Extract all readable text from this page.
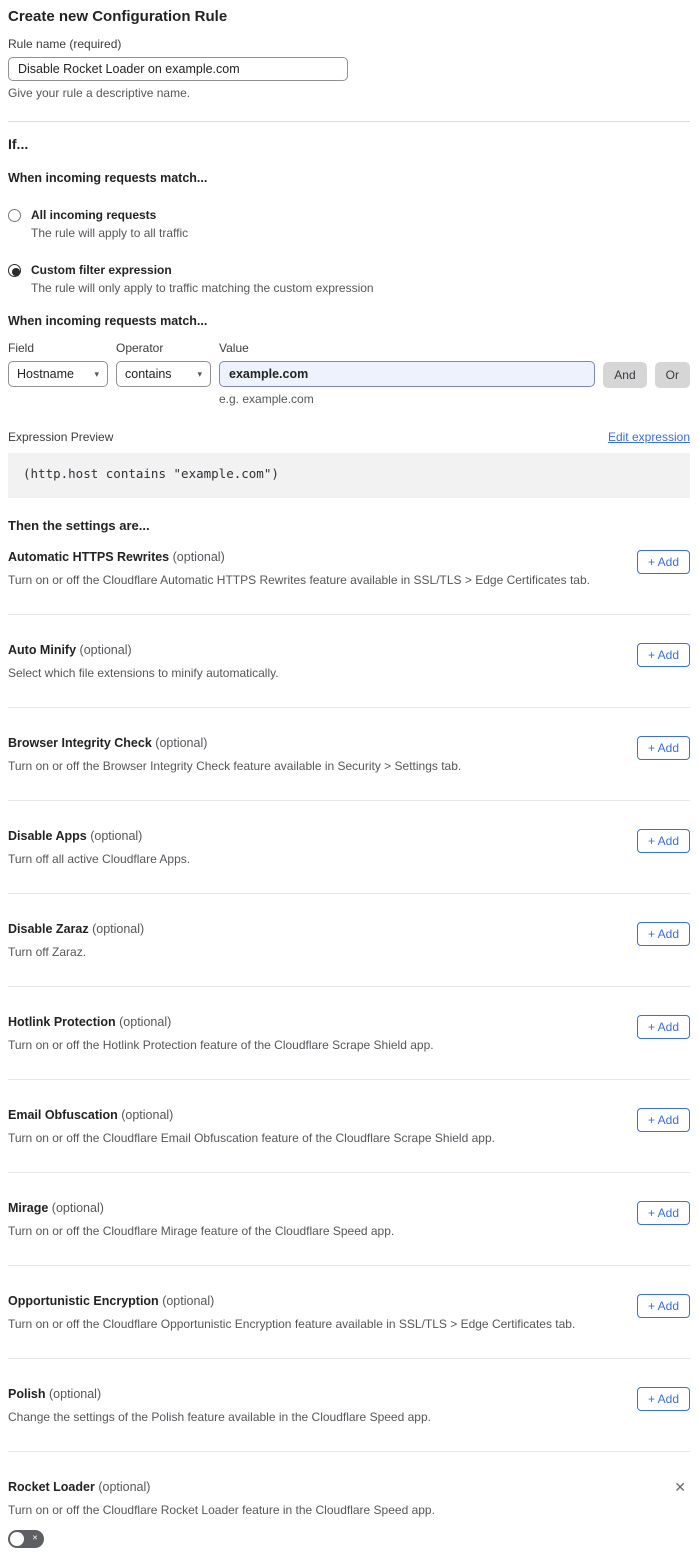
Create new Configuration Rule
Rule name (required)
Disable Rocket Loader on example.com
Give your rule a descriptive name.
If...
When incoming requests match...
All incoming requests
The rule will apply to all traffic
Custom filter expression
The rule will only apply to traffic matching the custom expression
When incoming requests match...
Field
Hostname ▾
Operator
contains	▾
Value
example.com
e.g. example.com
And	Or
Expression Preview	Edit expression
(http.host contains "example.com")
Then the settings are...
Automatic HTTPS Rewrites (optional)
Turn on or off the Cloudflare Automatic HTTPS Rewrites feature available in SSL/TLS > Edge Certificates tab.
+ Add
Auto Minify (optional)
Select which file extensions to minify automatically.
+ Add
Browser Integrity Check (optional)
Turn on or off the Browser Integrity Check feature available in Security > Settings tab.
+ Add
Disable Apps (optional)
Turn off all active Cloudflare Apps.
+ Add
Disable Zaraz (optional)
Turn off Zaraz.
+ Add
Hotlink Protection (optional)
Turn on or off the Hotlink Protection feature of the Cloudflare Scrape Shield app.
+ Add
Email Obfuscation (optional)
Turn on or off the Cloudflare Email Obfuscation feature of the Cloudflare Scrape Shield app.
+ Add
Mirage (optional)
Turn on or off the Cloudflare Mirage feature of the Cloudflare Speed app.
+ Add
Opportunistic Encryption (optional)
Turn on or off the Cloudflare Opportunistic Encryption feature available in SSL/TLS > Edge Certificates tab.
+ Add
Polish (optional)
Change the settings of the Polish feature available in the Cloudflare Speed app.
+ Add
Rocket Loader (optional)
Turn on or off the Cloudflare Rocket Loader feature in the Cloudflare Speed app.
✕
✕
